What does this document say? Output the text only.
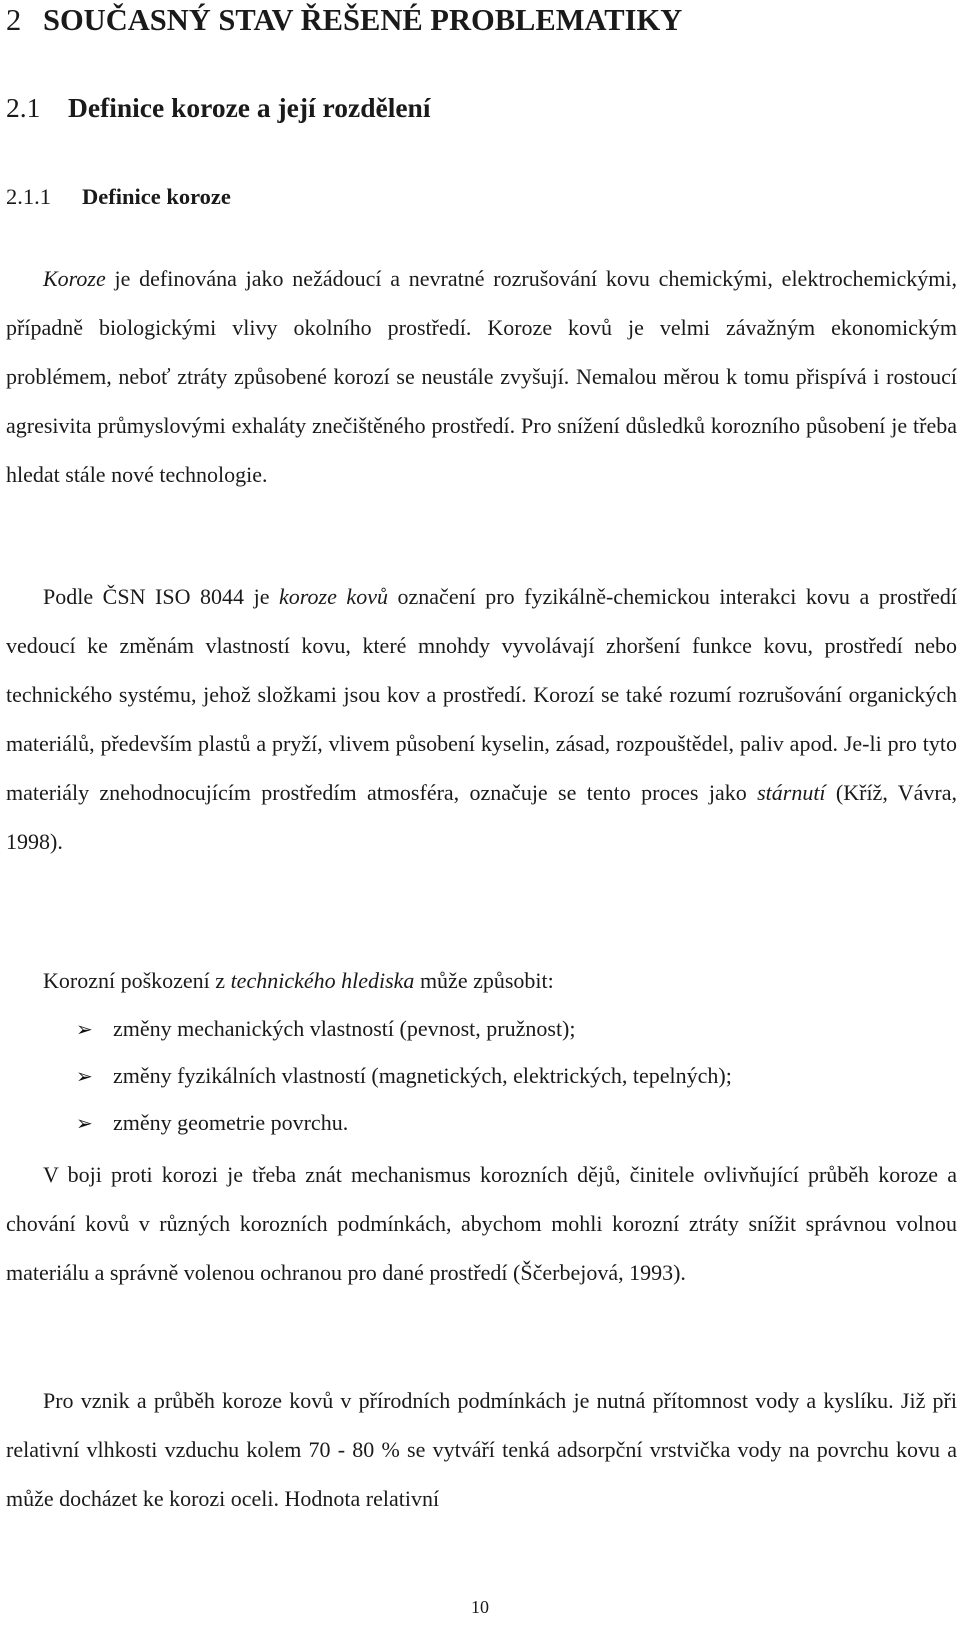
2 SOUČASNÝ STAV ŘEŠENÉ PROBLEMATIKY
2.1 Definice koroze a její rozdělení
2.1.1 Definice koroze

Koroze je definována jako nežádoucí a nevratné rozrušování kovu chemickými, elektrochemickými, případně biologickými vlivy okolního prostředí. Koroze kovů je velmi závažným ekonomickým problémem, neboť ztráty způsobené korozí se neustále zvyšují. Nemalou měrou k tomu přispívá i rostoucí agresivita průmyslovými exhaláty znečištěného prostředí. Pro snížení důsledků korozního působení je třeba hledat stále nové technologie.

Podle ČSN ISO 8044 je koroze kovů označení pro fyzikálně-chemickou interakci kovu a prostředí vedoucí ke změnám vlastností kovu, které mnohdy vyvolávají zhoršení funkce kovu, prostředí nebo technického systému, jehož složkami jsou kov a prostředí. Korozí se také rozumí rozrušování organických materiálů, především plastů a pryží, vlivem působení kyselin, zásad, rozpouštědel, paliv apod. Je-li pro tyto materiály znehodnocujícím prostředím atmosféra, označuje se tento proces jako stárnutí (Kříž, Vávra, 1998).

Korozní poškození z technického hlediska může způsobit:

➢ změny mechanických vlastností (pevnost, pružnost);
➢ změny fyzikálních vlastností (magnetických, elektrických, tepelných);
➢ změny geometrie povrchu.

V boji proti korozi je třeba znát mechanismus korozních dějů, činitele ovlivňující průběh koroze a chování kovů v různých korozních podmínkách, abychom mohli korozní ztráty snížit správnou volnou materiálu a správně volenou ochranou pro dané prostředí (Ščerbejová, 1993).

Pro vznik a průběh koroze kovů v přírodních podmínkách je nutná přítomnost vody a kyslíku. Již při relativní vlhkosti vzduchu kolem 70 - 80 % se vytváří tenká adsorpční vrstvička vody na povrchu kovu a může docházet ke korozi oceli. Hodnota relativní

10
